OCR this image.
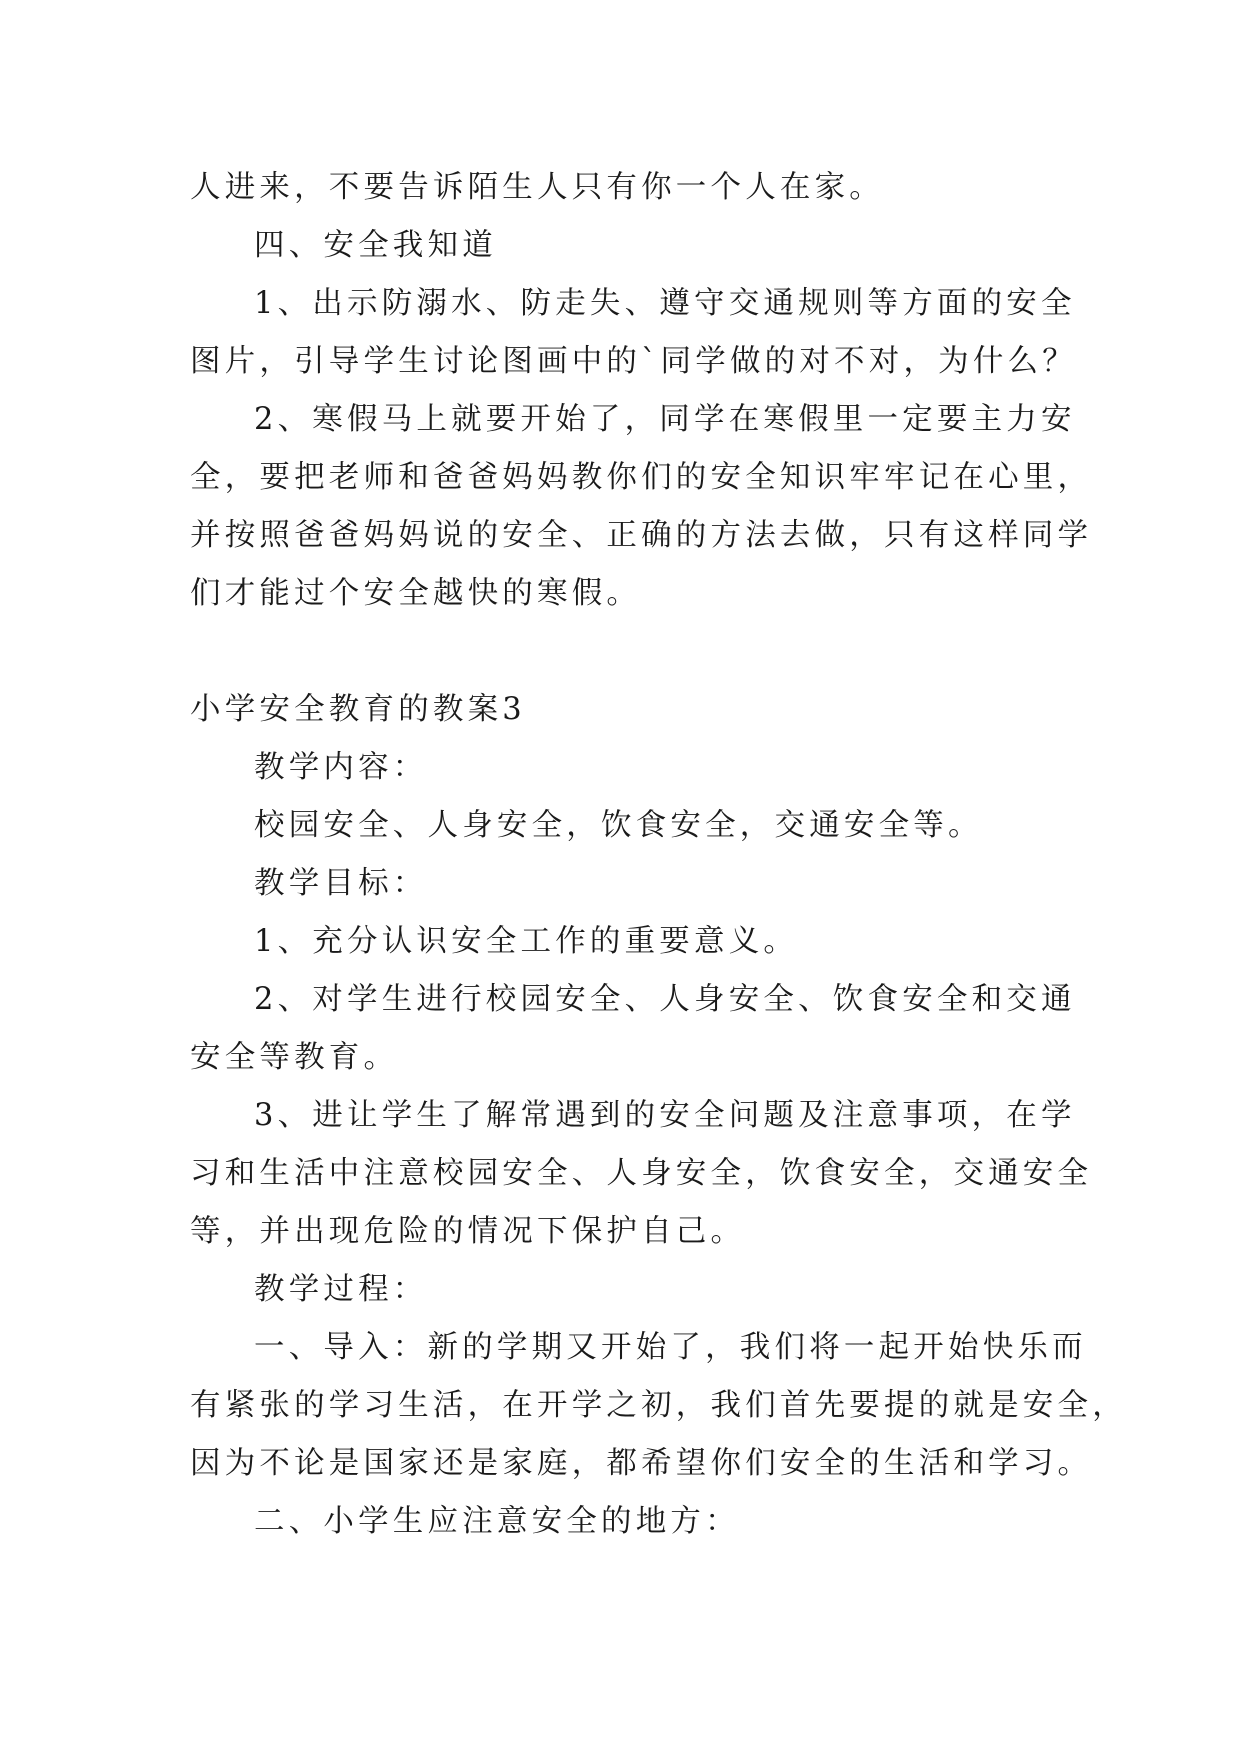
人进来，不要告诉陌生人只有你一个人在家。
四、安全我知道
1、出示防溺水、防走失、遵守交通规则等方面的安全
图片，引导学生讨论图画中的`同学做的对不对，为什么？
2、寒假马上就要开始了，同学在寒假里一定要主力安
全，要把老师和爸爸妈妈教你们的安全知识牢牢记在心里，
并按照爸爸妈妈说的安全、正确的方法去做，只有这样同学
们才能过个安全越快的寒假。
小学安全教育的教案3
教学内容：
校园安全、人身安全，饮食安全，交通安全等。
教学目标：
1、充分认识安全工作的重要意义。
2、对学生进行校园安全、人身安全、饮食安全和交通
安全等教育。
3、进让学生了解常遇到的安全问题及注意事项，在学
习和生活中注意校园安全、人身安全，饮食安全，交通安全
等，并出现危险的情况下保护自己。
教学过程：
一、导入：新的学期又开始了，我们将一起开始快乐而
有紧张的学习生活，在开学之初，我们首先要提的就是安全，
因为不论是国家还是家庭，都希望你们安全的生活和学习。
二、小学生应注意安全的地方：
